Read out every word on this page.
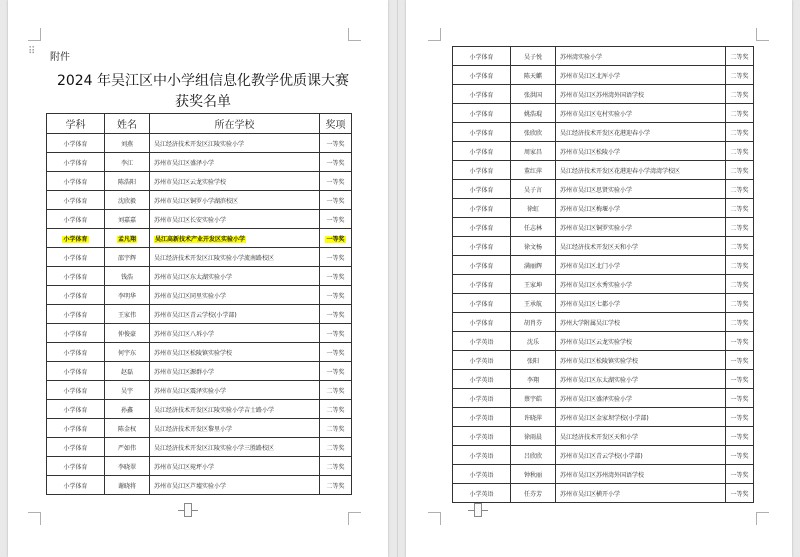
⠿
附件
2024 年吴江区中小学组信息化教学优质课大赛
获奖名单
学科	姓名	所在学校	奖项
小学体育	刘燕	吴江经济技术开发区江陵实验小学	一等奖
小学体育	李江	苏州市吴江区盛泽小学	一等奖
小学体育	陈浩阳	苏州市吴江区云龙实验学校	一等奖
小学体育	沈欣毅	苏州市吴江区铜罗小学湖滨校区	一等奖
小学体育	刘嘉嘉	苏州市吴江区长安实验小学	一等奖
小学体育	孟凡翔	吴江高新技术产业开发区实验小学	一等奖
小学体育	邵宇辉	吴江经济技术开发区江陵实验小学流南路校区	一等奖
小学体育	钱浩	苏州市吴江区东太湖实验小学	一等奖
小学体育	李明华	苏州市吴江区同里实验小学	一等奖
小学体育	王家伟	苏州市吴江区青云学校(小学部)	一等奖
小学体育	仲俊豪	苏州市吴江区八坼小学	一等奖
小学体育	何宇东	苏州市吴江区松陵镇实验学校	一等奖
小学体育	赵磊	苏州市吴江区源群小学	一等奖
小学体育	吴宇	苏州市吴江区震泽实验小学	二等奖
小学体育	孙鑫	吴江经济技术开发区江陵实验小学吉士路小学	二等奖
小学体育	陈金权	吴江经济技术开发区黎里小学	二等奖
小学体育	严如伟	吴江经济技术开发区江陵实验小学三胜路校区	二等奖
小学体育	李晓翠	苏州市吴江区菀坪小学	二等奖
小学体育	谢晓将	苏州市吴江区芦墟实验小学	二等奖
小学体育	吴子悦	苏州湾实验小学	二等奖
小学体育	陈天麒	苏州市吴江区北厍小学	二等奖
小学体育	张洪国	苏州市吴江区苏州湾外国语学校	二等奖
小学体育	姚浩琨	苏州市吴江区屯村实验小学	二等奖
小学体育	张欣欣	吴江经济技术开发区花港迎春小学	二等奖
小学体育	周家昌	苏州市吴江区松陵小学	二等奖
小学体育	董红萍	吴江经济技术开发区花港迎春小学湾湾学校区	二等奖
小学体育	吴子言	苏州市吴江区思贤实验小学	二等奖
小学体育	徐虹	苏州市吴江区梅堰小学	二等奖
小学体育	任志林	苏州市吴江区铜罗实验小学	二等奖
小学体育	徐文杨	吴江经济技术开发区天和小学	二等奖
小学体育	满丽辉	苏州市吴江区北门小学	二等奖
小学体育	王家坤	苏州市吴江区水秀实验小学	二等奖
小学体育	王承航	苏州市吴江区七都小学	二等奖
小学体育	胡肖芬	苏州大学附属吴江学校	二等奖
小学英语	沈乐	苏州市吴江区云龙实验学校	一等奖
小学英语	张阳	苏州市吴江区松陵镇实验学校	一等奖
小学英语	李翔	苏州市吴江区东太湖实验小学	一等奖
小学英语	蔡宇皓	苏州市吴江区盛泽实验小学	一等奖
小学英语	许晓萍	苏州市吴江区金家坝学校(小学部)	一等奖
小学英语	徐雨晨	吴江经济技术开发区天和小学	一等奖
小学英语	吕欣欣	苏州市吴江区青云学校(小学部)	一等奖
小学英语	钟秋丽	苏州市吴江区苏州湾外国语学校	一等奖
小学英语	任芬芳	苏州市吴江区横开小学	一等奖
